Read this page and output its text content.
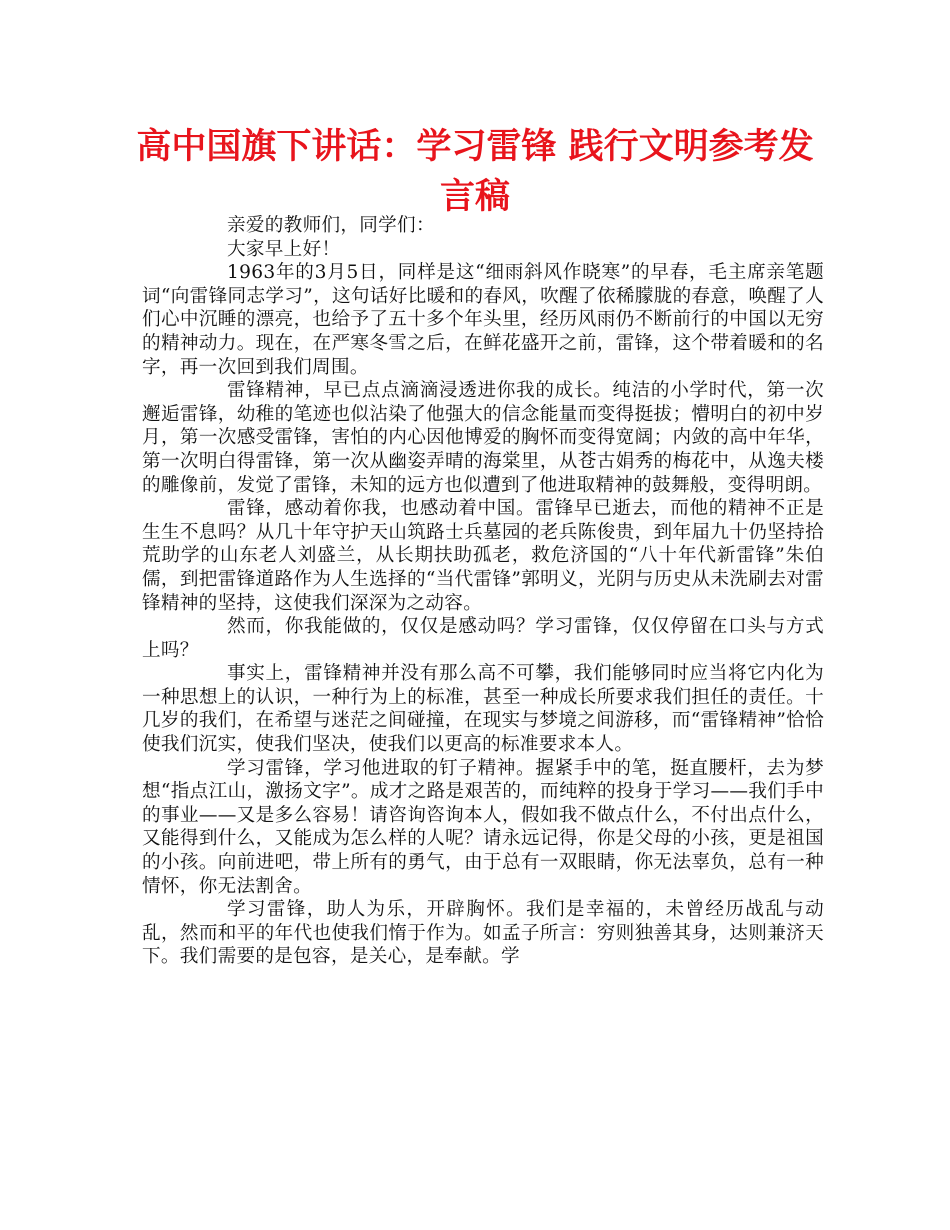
高中国旗下讲话：学习雷锋 践行文明参考发言稿

亲爱的教师们，同学们：

大家早上好！

1963年的3月5日，同样是这“细雨斜风作晓寒”的早春，毛主席亲笔题词“向雷锋同志学习”，这句话好比暖和的春风，吹醒了依稀朦胧的春意，唤醒了人们心中沉睡的漂亮，也给予了五十多个年头里，经历风雨仍不断前行的中国以无穷的精神动力。现在，在严寒冬雪之后，在鲜花盛开之前，雷锋，这个带着暖和的名字，再一次回到我们周围。

雷锋精神，早已点点滴滴浸透进你我的成长。纯洁的小学时代，第一次邂逅雷锋，幼稚的笔迹也似沾染了他强大的信念能量而变得挺拔；懵明白的初中岁月，第一次感受雷锋，害怕的内心因他博爱的胸怀而变得宽阔；内敛的高中年华，第一次明白得雷锋，第一次从幽姿弄晴的海棠里，从苍古娟秀的梅花中，从逸夫楼的雕像前，发觉了雷锋，未知的远方也似遭到了他进取精神的鼓舞般，变得明朗。

雷锋，感动着你我，也感动着中国。雷锋早已逝去，而他的精神不正是生生不息吗？从几十年守护天山筑路士兵墓园的老兵陈俊贵，到年届九十仍坚持拾荒助学的山东老人刘盛兰，从长期扶助孤老，救危济国的“八十年代新雷锋”朱伯儒，到把雷锋道路作为人生选择的“当代雷锋”郭明义，光阴与历史从未洗刷去对雷锋精神的坚持，这使我们深深为之动容。

然而，你我能做的，仅仅是感动吗？学习雷锋，仅仅停留在口头与方式上吗？

事实上，雷锋精神并没有那么高不可攀，我们能够同时应当将它内化为一种思想上的认识，一种行为上的标准，甚至一种成长所要求我们担任的责任。十几岁的我们，在希望与迷茫之间碰撞，在现实与梦境之间游移，而“雷锋精神”恰恰使我们沉实，使我们坚决，使我们以更高的标准要求本人。

学习雷锋，学习他进取的钉子精神。握紧手中的笔，挺直腰杆，去为梦想“指点江山，激扬文字”。成才之路是艰苦的，而纯粹的投身于学习——我们手中的事业——又是多么容易！请咨询咨询本人，假如我不做点什么，不付出点什么，又能得到什么，又能成为怎么样的人呢？请永远记得，你是父母的小孩，更是祖国的小孩。向前进吧，带上所有的勇气，由于总有一双眼睛，你无法辜负，总有一种情怀，你无法割舍。

学习雷锋，助人为乐，开辟胸怀。我们是幸福的，未曾经历战乱与动乱，然而和平的年代也使我们惰于作为。如孟子所言：穷则独善其身，达则兼济天下。我们需要的是包容，是关心，是奉献。学
